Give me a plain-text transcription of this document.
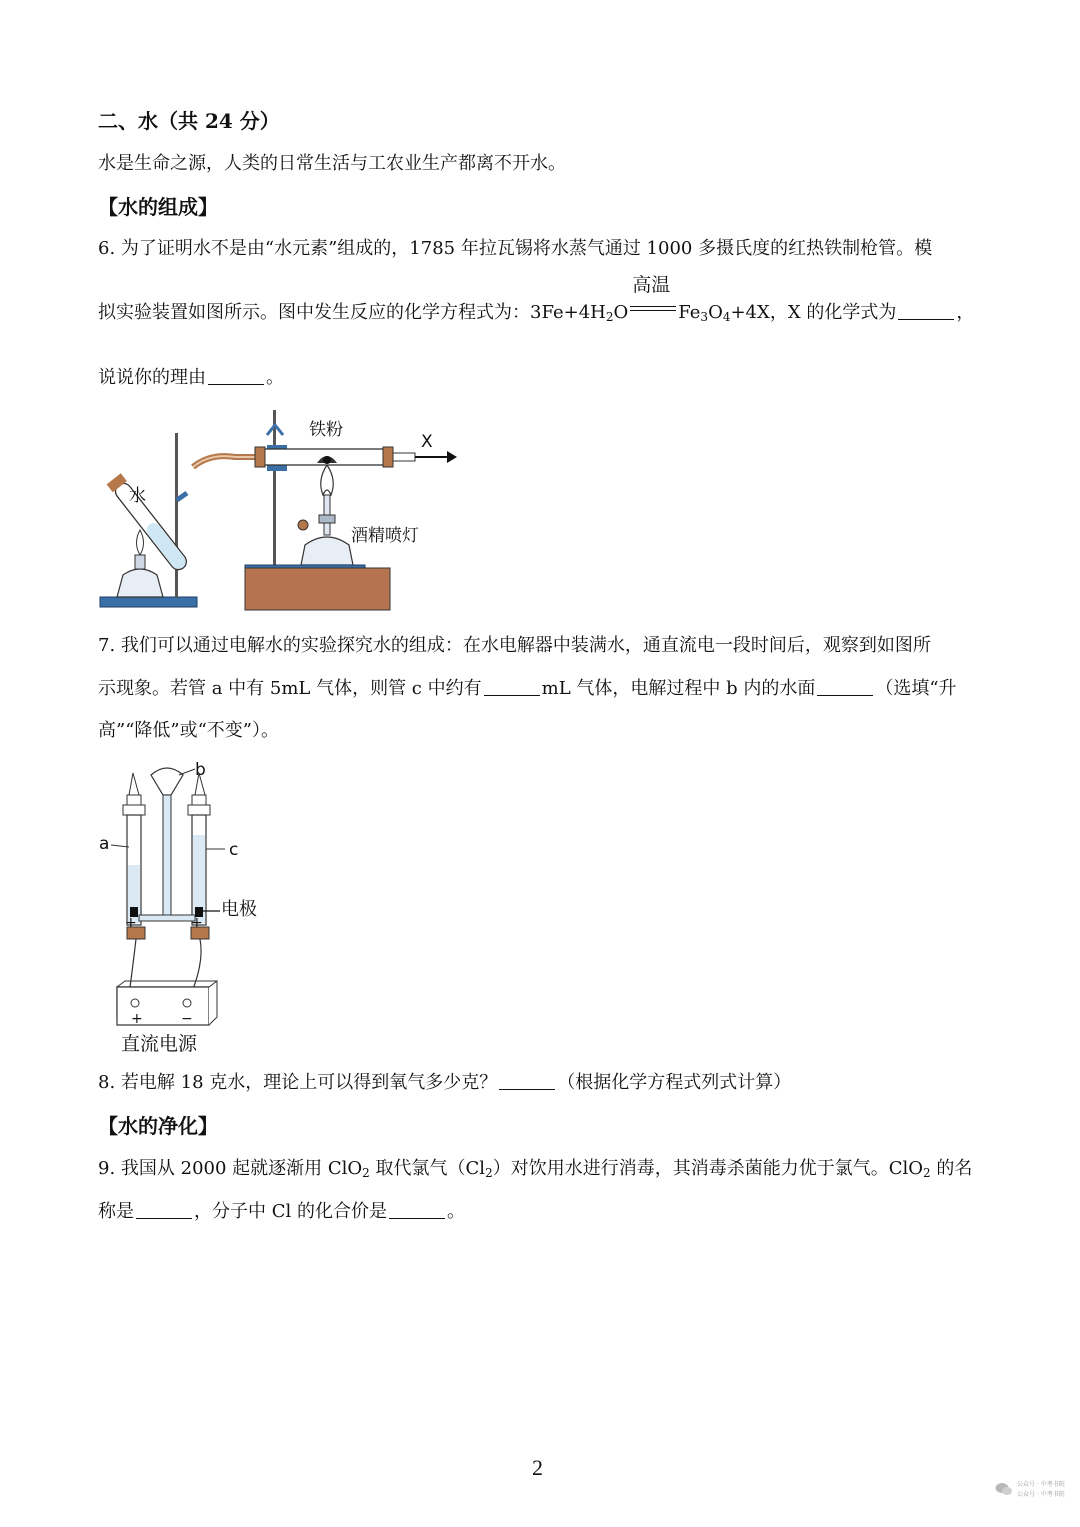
二、水（共 24 分）
水是生命之源，人类的日常生活与工农业生产都离不开水。
【水的组成】
6. 为了证明水不是由“水元素”组成的，1785 年拉瓦锡将水蒸气通过 1000 多摄氏度的红热铁制枪管。模
拟实验装置如图所示。图中发生反应的化学方程式为：$3Fe+4H_2O$
高温
$Fe_3O_4+4X$，X 的化学式为	，
说说你的理由	。
水
铁粉
X
酒精喷灯
7. 我们可以通过电解水的实验探究水的组成：在水电解器中装满水，通直流电一段时间后，观察到如图所
示现象。若管 a 中有 5mL 气体，则管 c 中约有	mL 气体，电解过程中 b 内的水面	（选填“升
高”“降低”或“不变”）。
+	+
a
b
c
电极
+	−
直流电源
8. 若电解 18 克水，理论上可以得到氧气多少克？	（根据化学方程式列式计算）
【水的净化】
9. 我国从 2000 起就逐渐用 ClO$_2$ 取代氯气$(Cl_2)$对饮用水进行消毒，其消毒杀菌能力优于氯气。ClO$_2$ 的名
称是	，分子中 Cl 的化合价是	。
2
公众号 · 中考书院
公众号 · 中考书院
